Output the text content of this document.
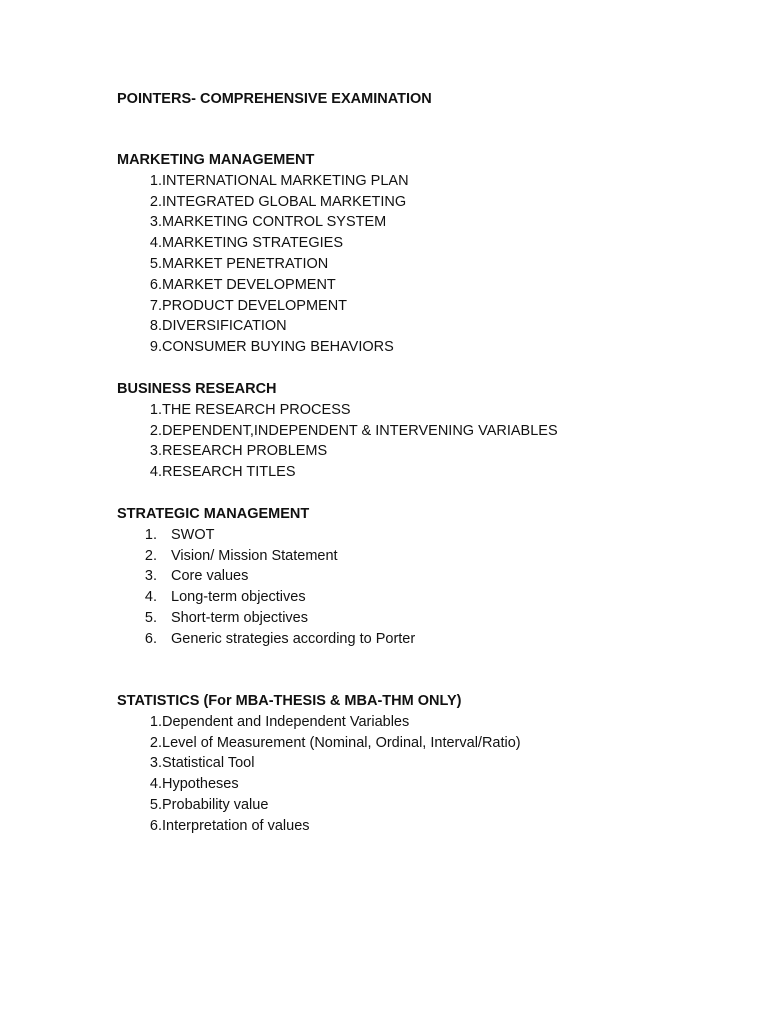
POINTERS- COMPREHENSIVE EXAMINATION
MARKETING MANAGEMENT
1. INTERNATIONAL MARKETING PLAN
2. INTEGRATED GLOBAL MARKETING
3. MARKETING CONTROL SYSTEM
4. MARKETING STRATEGIES
5. MARKET PENETRATION
6. MARKET DEVELOPMENT
7. PRODUCT DEVELOPMENT
8. DIVERSIFICATION
9. CONSUMER BUYING BEHAVIORS
BUSINESS RESEARCH
1. THE RESEARCH PROCESS
2. DEPENDENT,INDEPENDENT & INTERVENING VARIABLES
3. RESEARCH PROBLEMS
4. RESEARCH TITLES
STRATEGIC MANAGEMENT
1. SWOT
2. Vision/ Mission Statement
3. Core values
4. Long-term objectives
5. Short-term objectives
6. Generic strategies according to Porter
STATISTICS (For MBA-THESIS & MBA-THM ONLY)
1. Dependent and Independent Variables
2. Level of Measurement (Nominal, Ordinal, Interval/Ratio)
3. Statistical Tool
4. Hypotheses
5. Probability value
6. Interpretation of values
